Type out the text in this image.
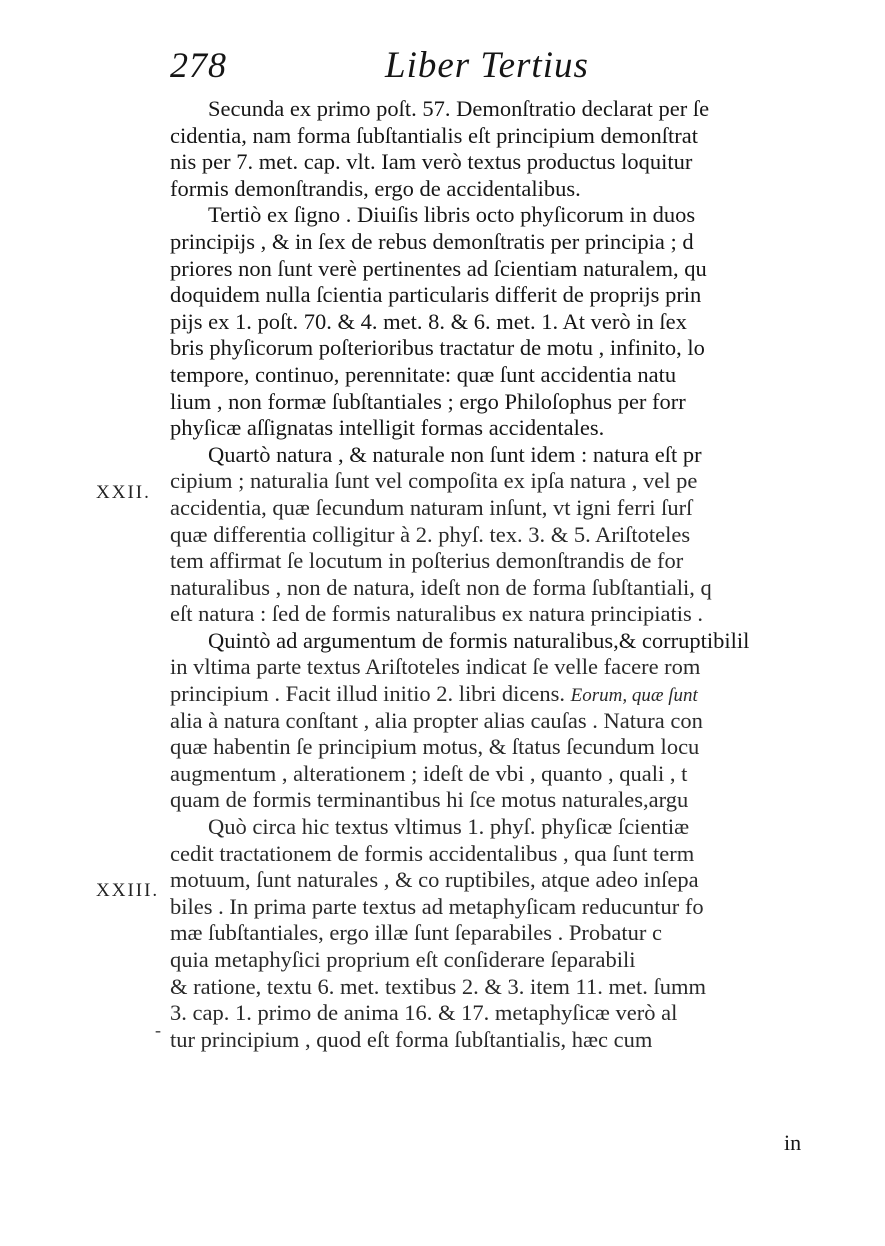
278	Liber Tertius
XXII.
XXIII.
Secunda ex primo poſt. 57. Demonſtratio declarat per ſe
cidentia, nam forma ſubſtantialis eſt principium demonſtrat
nis per 7. met. cap. vlt. Iam verò textus productus loquitur
formis demonſtrandis, ergo de accidentalibus.
Tertiò ex ſigno . Diuiſis libris octo phyſicorum in duos
principijs , & in ſex de rebus demonſtratis per principia ; d
priores non ſunt verè pertinentes ad ſcientiam naturalem, qu
doquidem nulla ſcientia particularis differit de proprijs prin
pijs ex 1. poſt. 70. & 4. met. 8. & 6. met. 1. At verò in ſex
bris phyſicorum poſterioribus tractatur de motu , infinito, lo
tempore, continuo, perennitate: quæ ſunt accidentia natu
lium , non formæ ſubſtantiales ; ergo Philoſophus per forr
phyſicæ aſſignatas intelligit formas accidentales.
Quartò natura , & naturale non ſunt idem : natura eſt pr
cipium ; naturalia ſunt vel compoſita ex ipſa natura , vel pe
accidentia, quæ ſecundum naturam inſunt, vt igni ferri ſurſ
quæ differentia colligitur à 2. phyſ. tex. 3. & 5. Ariſtoteles
tem affirmat ſe locutum in poſterius demonſtrandis de for
naturalibus , non de natura, ideſt non de forma ſubſtantiali, q
eſt natura : ſed de formis naturalibus ex natura principiatis .
Quintò ad argumentum de formis naturalibus,& corruptibilil
in vltima parte textus Ariſtoteles indicat ſe velle facere rom
principium . Facit illud initio 2. libri dicens. Eorum, quæ ſunt
alia à natura conſtant , alia propter alias cauſas . Natura con
quæ habentin ſe principium motus, & ſtatus ſecundum locu
augmentum , alterationem ; ideſt de vbi , quanto , quali , t
quam de formis terminantibus hi ſce motus naturales,argu
Quò circa hic textus vltimus 1. phyſ. phyſicæ ſcientiæ
cedit tractationem de formis accidentalibus , qua ſunt term
motuum, ſunt naturales , & co ruptibiles, atque adeo inſepa
biles . In prima parte textus ad metaphyſicam reducuntur fo
mæ ſubſtantiales, ergo illæ ſunt ſeparabiles . Probatur c
quia metaphyſici proprium eſt conſiderare ſeparabili
& ratione, textu 6. met. textibus 2. & 3. item 11. met. ſumm
3. cap. 1. primo de anima 16. & 17. metaphyſicæ verò al
tur principium , quod eſt forma ſubſtantialis, hæc cum
-
in
